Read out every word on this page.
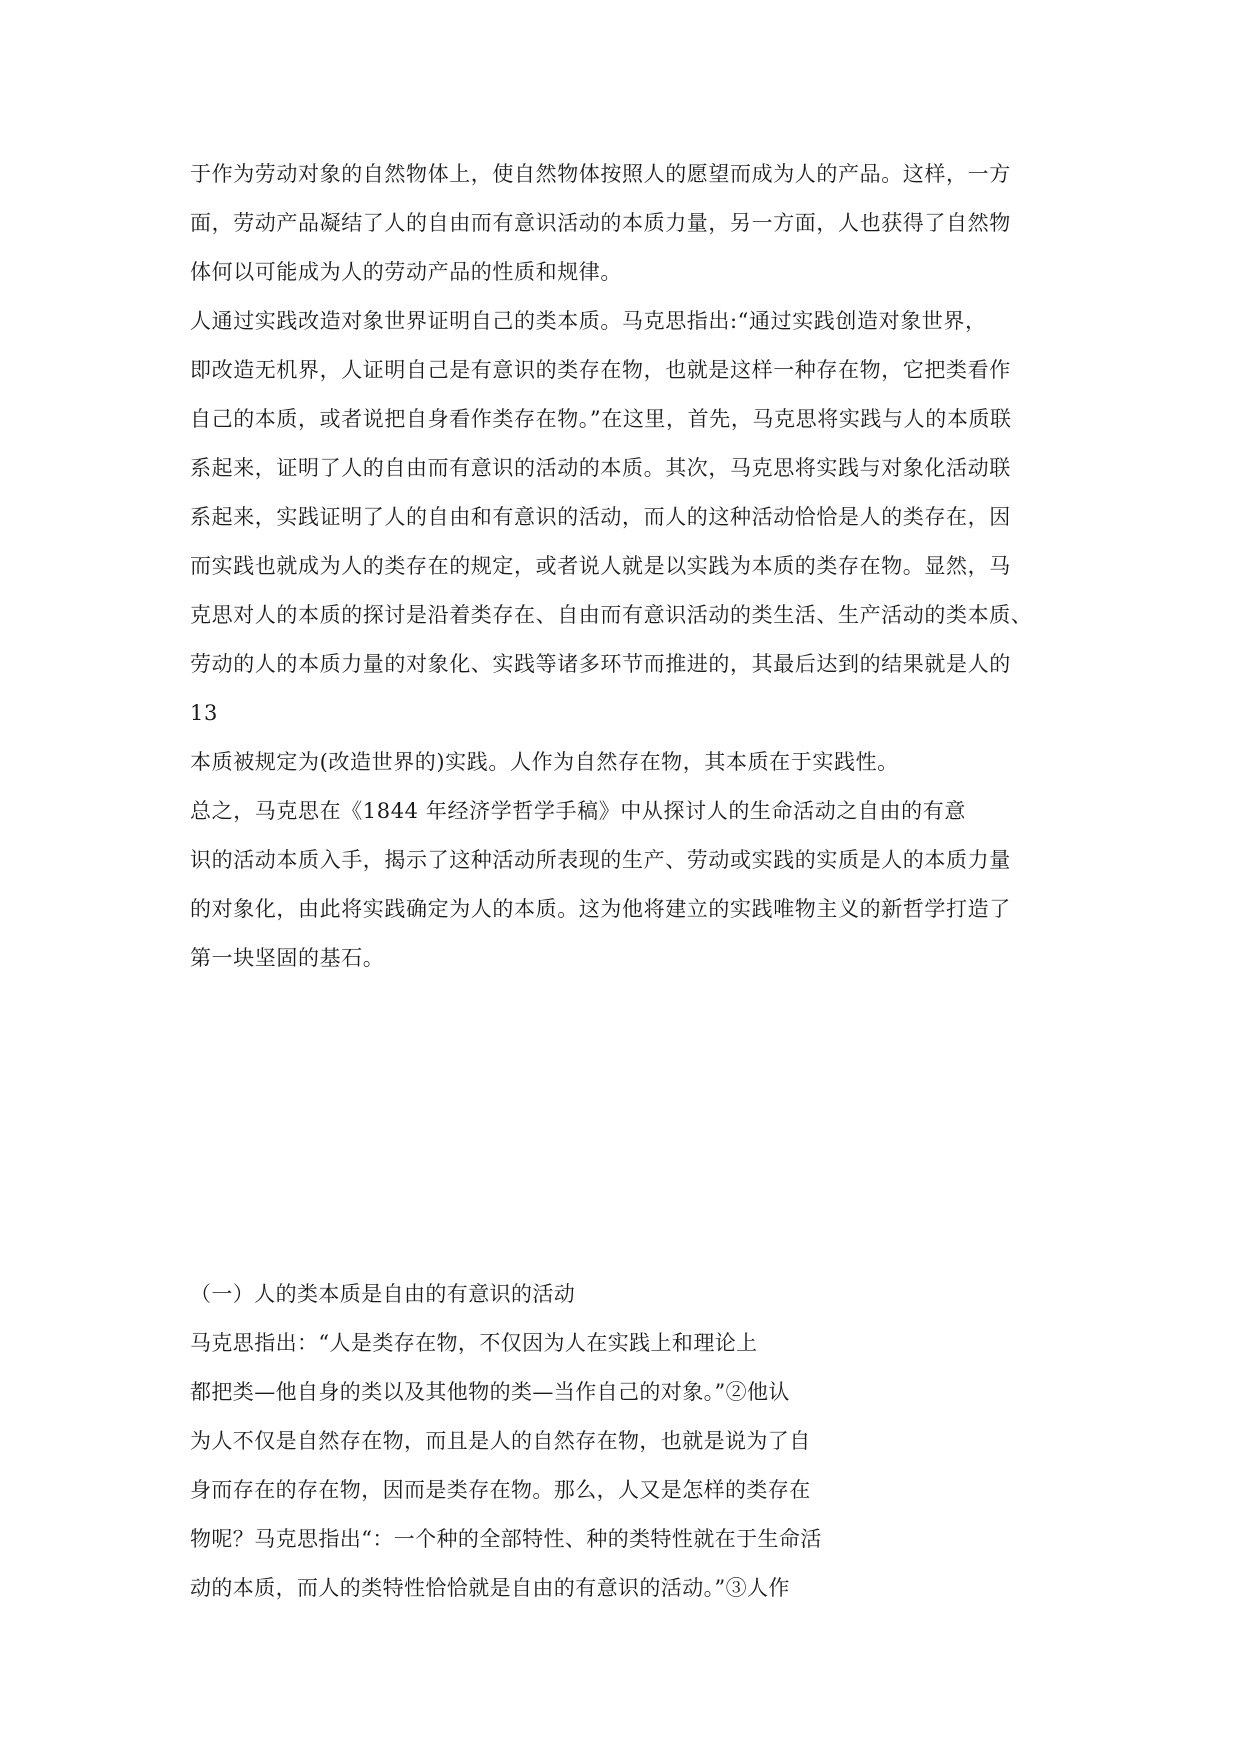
于作为劳动对象的自然物体上，使自然物体按照人的愿望而成为人的产品。这样，一方
面，劳动产品凝结了人的自由而有意识活动的本质力量，另一方面，人也获得了自然物
体何以可能成为人的劳动产品的性质和规律。
人通过实践改造对象世界证明自己的类本质。马克思指出:“通过实践创造对象世界，
即改造无机界，人证明自己是有意识的类存在物，也就是这样一种存在物，它把类看作
自己的本质，或者说把自身看作类存在物。”在这里，首先，马克思将实践与人的本质联
系起来，证明了人的自由而有意识的活动的本质。其次，马克思将实践与对象化活动联
系起来，实践证明了人的自由和有意识的活动，而人的这种活动恰恰是人的类存在，因
而实践也就成为人的类存在的规定，或者说人就是以实践为本质的类存在物。显然，马
克思对人的本质的探讨是沿着类存在、自由而有意识活动的类生活、生产活动的类本质、
劳动的人的本质力量的对象化、实践等诸多环节而推进的，其最后达到的结果就是人的
13
本质被规定为(改造世界的)实践。人作为自然存在物，其本质在于实践性。
总之，马克思在《1844 年经济学哲学手稿》中从探讨人的生命活动之自由的有意
识的活动本质入手，揭示了这种活动所表现的生产、劳动或实践的实质是人的本质力量
的对象化，由此将实践确定为人的本质。这为他将建立的实践唯物主义的新哲学打造了
第一块坚固的基石。
（一）人的类本质是自由的有意识的活动
马克思指出：“人是类存在物，不仅因为人在实践上和理论上
都把类—他自身的类以及其他物的类—当作自己的对象。”②他认
为人不仅是自然存在物，而且是人的自然存在物，也就是说为了自
身而存在的存在物，因而是类存在物。那么，人又是怎样的类存在
物呢？马克思指出“：一个种的全部特性、种的类特性就在于生命活
动的本质，而人的类特性恰恰就是自由的有意识的活动。”③人作
